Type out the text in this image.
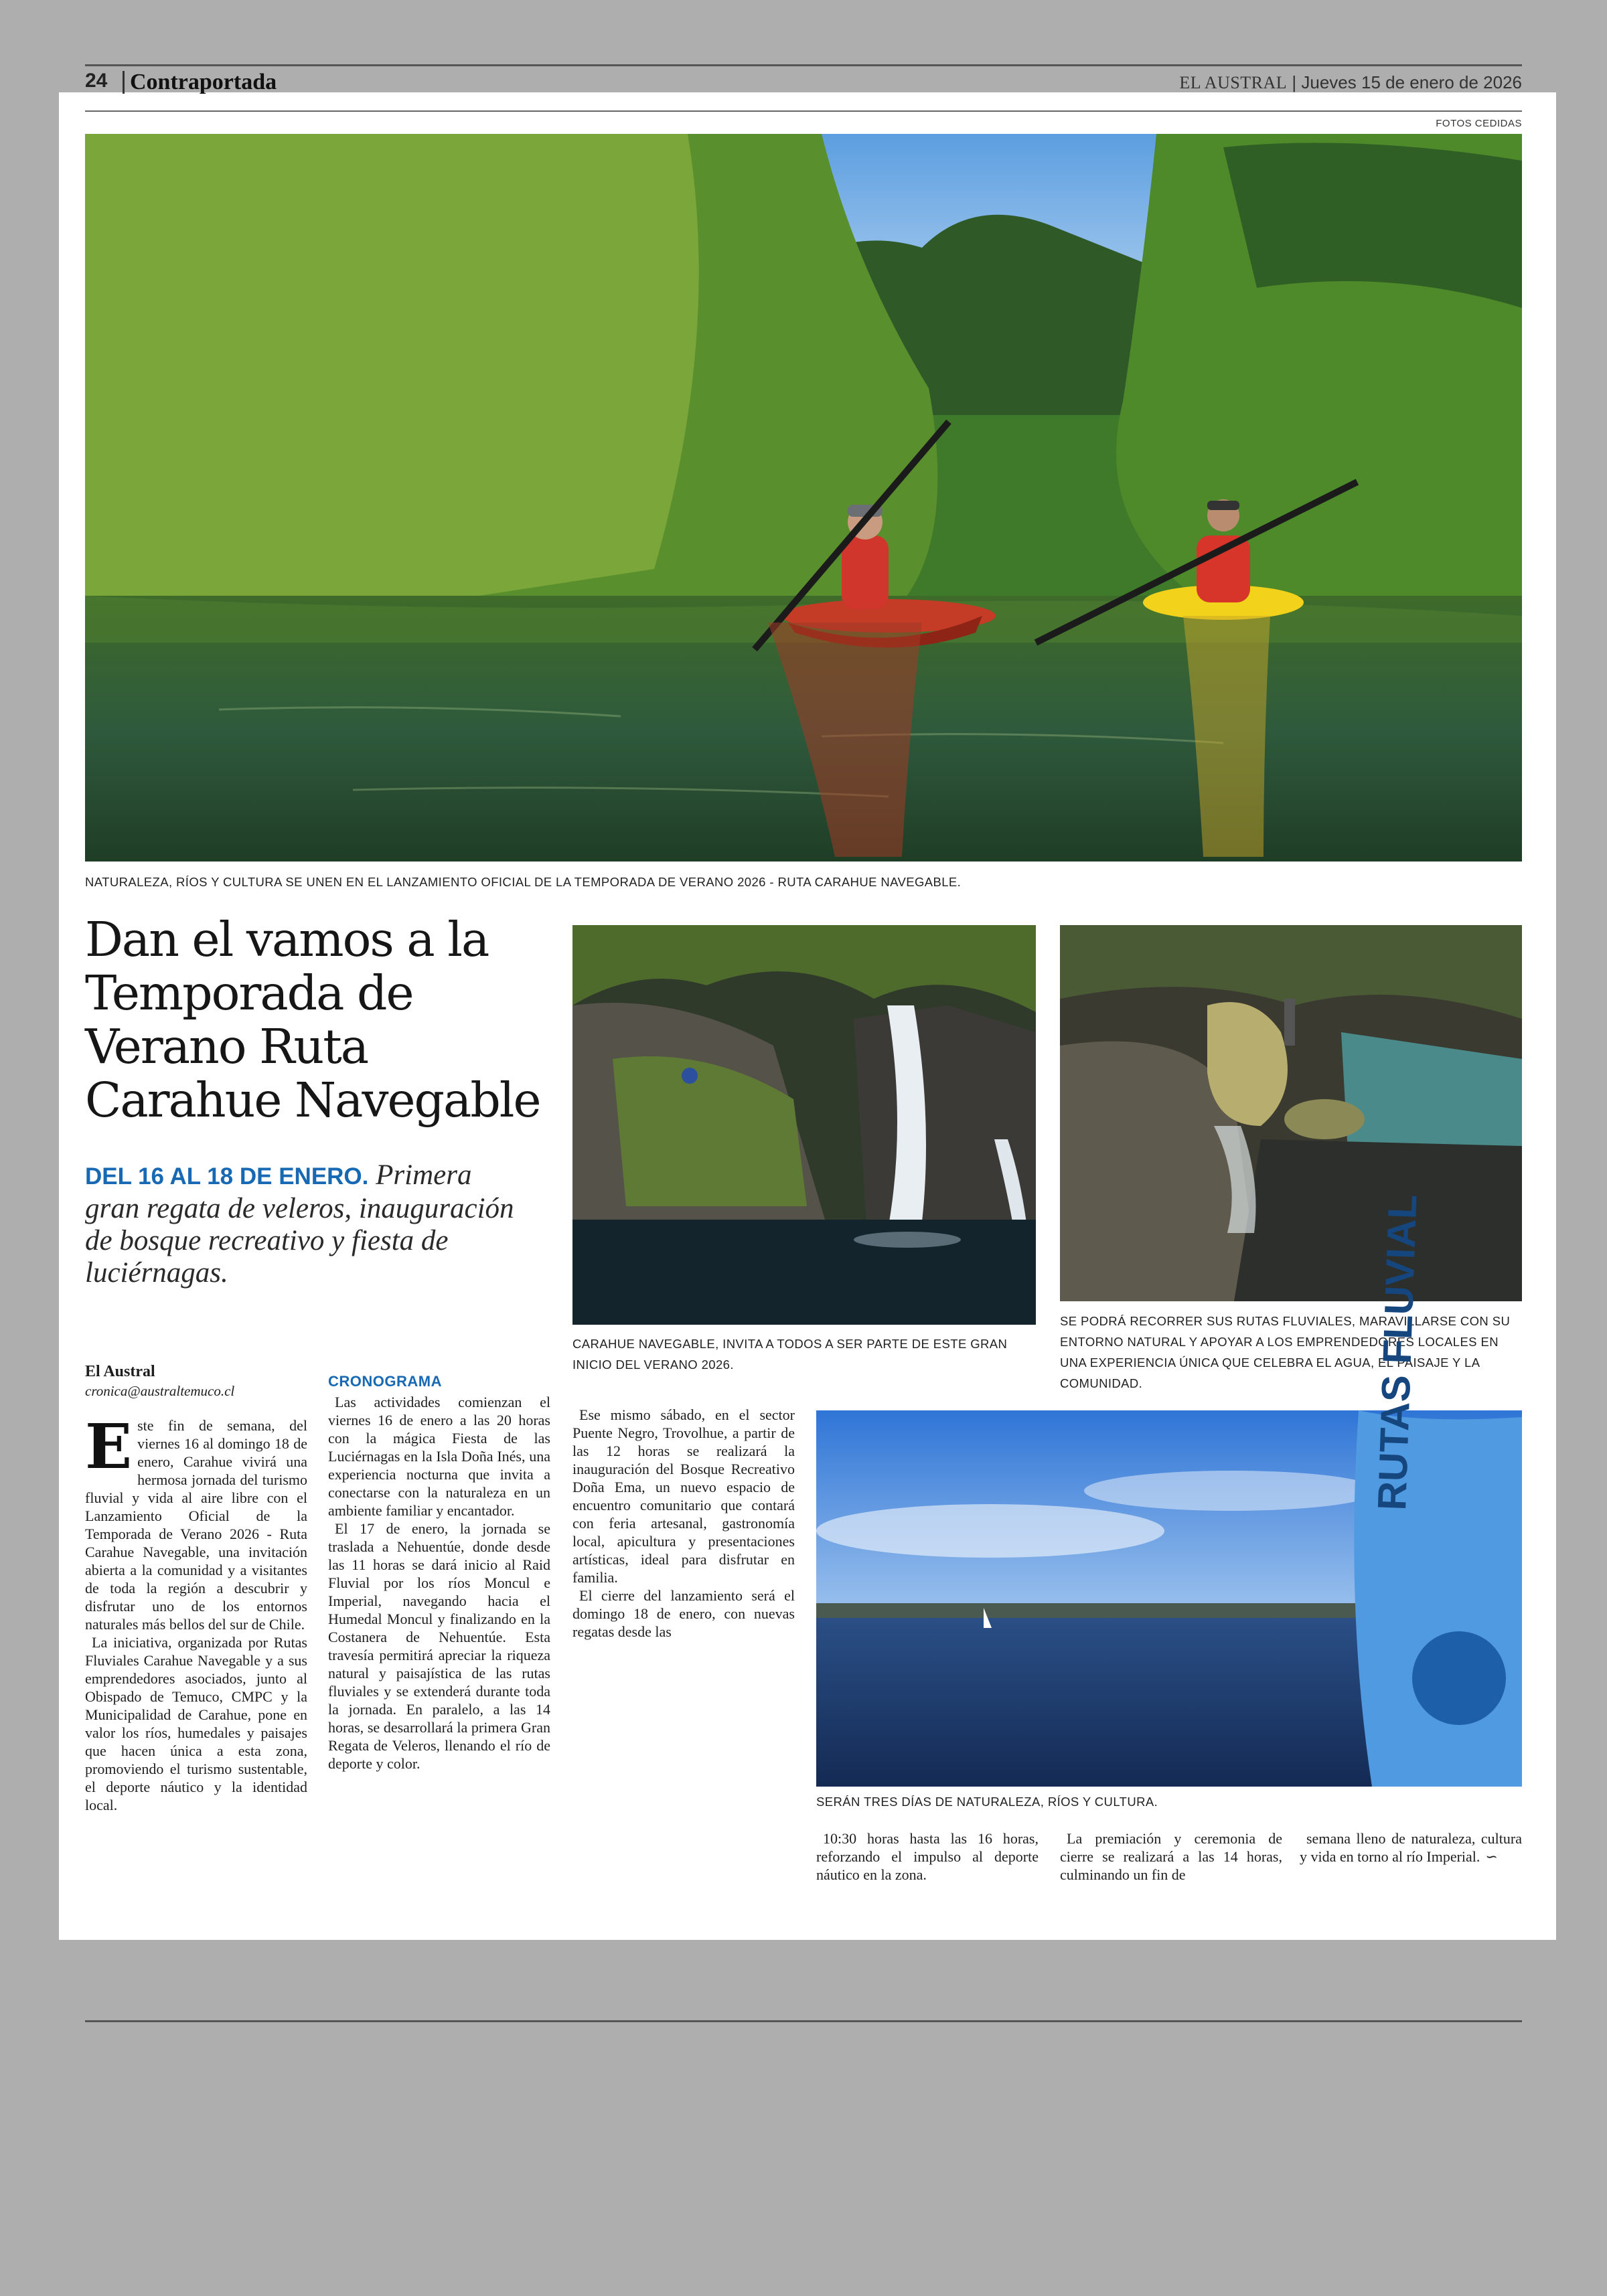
24 Contraportada	EL AUSTRAL | Jueves 15 de enero de 2026
FOTOS CEDIDAS
NATURALEZA, RÍOS Y CULTURA SE UNEN EN EL LANZAMIENTO OFICIAL DE LA TEMPORADA DE VERANO 2026 - RUTA CARAHUE NAVEGABLE.
Dan el vamos a la Temporada de Verano Ruta Carahue Navegable
DEL 16 AL 18 DE ENERO. Primera gran regata de veleros, inauguración de bosque recreativo y fiesta de luciérnagas.
CARAHUE NAVEGABLE, INVITA A TODOS A SER PARTE DE ESTE GRAN INICIO DEL VERANO 2026.
SE PODRÁ RECORRER SUS RUTAS FLUVIALES, MARAVILLARSE CON SU ENTORNO NATURAL Y APOYAR A LOS EMPRENDEDORES LOCALES EN UNA EXPERIENCIA ÚNICA QUE CELEBRA EL AGUA, EL PAISAJE Y LA COMUNIDAD.	RUTAS FLUVIAL
SERÁN TRES DÍAS DE NATURALEZA, RÍOS Y CULTURA.
El Austral
cronica@australtemuco.cl

Este fin de semana, del viernes 16 al domingo 18 de enero, Carahue vivirá una hermosa jornada del turismo fluvial y vida al aire libre con el Lanzamiento Oficial de la Temporada de Verano 2026 - Ruta Carahue Navegable, una invitación abierta a la comunidad y a visitantes de toda la región a descubrir y disfrutar uno de los entornos naturales más bellos del sur de Chile.

La iniciativa, organizada por Rutas Fluviales Carahue Navegable y a sus emprendedores asociados, junto al Obispado de Temuco, CMPC y la Municipalidad de Carahue, pone en valor los ríos, humedales y paisajes que hacen única a esta zona, promoviendo el turismo sustentable, el deporte náutico y la identidad local.

CRONOGRAMA

Las actividades comienzan el viernes 16 de enero a las 20 horas con la mágica Fiesta de las Luciérnagas en la Isla Doña Inés, una experiencia nocturna que invita a conectarse con la naturaleza en un ambiente familiar y encantador.

El 17 de enero, la jornada se traslada a Nehuentúe, donde desde las 11 horas se dará inicio al Raid Fluvial por los ríos Moncul e Imperial, navegando hacia el Humedal Moncul y finalizando en la Costanera de Nehuentúe. Esta travesía permitirá apreciar la riqueza natural y paisajística de las rutas fluviales y se extenderá durante toda la jornada. En paralelo, a las 14 horas, se desarrollará la primera Gran Regata de Veleros, llenando el río de deporte y color.

Ese mismo sábado, en el sector Puente Negro, Trovolhue, a partir de las 12 horas se realizará la inauguración del Bosque Recreativo Doña Ema, un nuevo espacio de encuentro comunitario que contará con feria artesanal, gastronomía local, apicultura y presentaciones artísticas, ideal para disfrutar en familia.

El cierre del lanzamiento será el domingo 18 de enero, con nuevas regatas desde las

10:30 horas hasta las 16 horas, reforzando el impulso al deporte náutico en la zona.

La premiación y ceremonia de cierre se realizará a las 14 horas, culminando un fin de

semana lleno de naturaleza, cultura y vida en torno al río Imperial. ∽
